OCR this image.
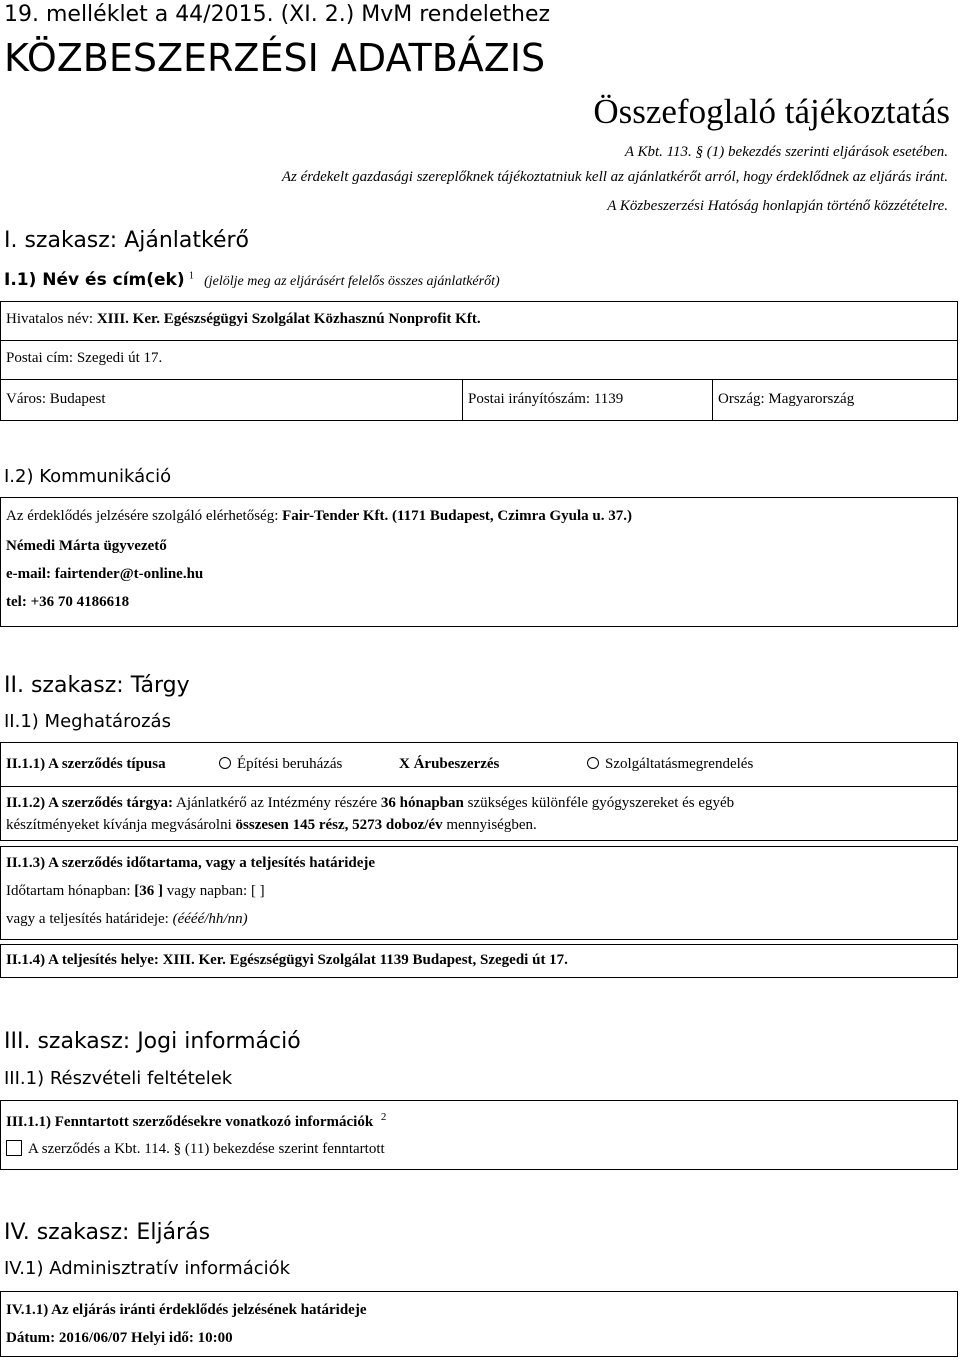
19. melléklet a 44/2015. (XI. 2.) MvM rendelethez
KÖZBESZERZÉSI ADATBÁZIS
Összefoglaló tájékoztatás
A Kbt. 113. § (1) bekezdés szerinti eljárások esetében.
Az érdekelt gazdasági szereplőknek tájékoztatniuk kell az ajánlatkérőt arról, hogy érdeklődnek az eljárás iránt.
A Közbeszerzési Hatóság honlapján történő közzétételre.
I. szakasz: Ajánlatkérő
I.1) Név és cím(ek) $^1$ (jelölje meg az eljárásért felelős összes ajánlatkérőt)
Hivatalos név: XIII. Ker. Egészségügyi Szolgálat Közhasznú Nonprofit Kft.
Postai cím: Szegedi út 17.
Város: Budapest	Postai irányítószám: 1139	Ország: Magyarország
I.2) Kommunikáció
Az érdeklődés jelzésére szolgáló elérhetőség: Fair-Tender Kft. (1171 Budapest, Czimra Gyula u. 37.)
Némedi Márta ügyvezető
e-mail: fairtender@t-online.hu
tel: +36 70 4186618
II. szakasz: Tárgy
II.1) Meghatározás
II.1.1) A szerződés típusa	Építési beruházás	X Árubeszerzés	Szolgáltatásmegrendelés
II.1.2) A szerződés tárgya: Ajánlatkérő az Intézmény részére 36 hónapban szükséges különféle gyógyszereket és egyéb
készítményeket kívánja megvásárolni összesen 145 rész, 5273 doboz/év mennyiségben.
II.1.3) A szerződés időtartama, vagy a teljesítés határideje
Időtartam hónapban: [36 ] vagy napban: [ ]
vagy a teljesítés határideje: (éééé/hh/nn)
II.1.4) A teljesítés helye: XIII. Ker. Egészségügyi Szolgálat 1139 Budapest, Szegedi út 17.
III. szakasz: Jogi információ
III.1) Részvételi feltételek
III.1.1) Fenntartott szerződésekre vonatkozó információk $^2$
A szerződés a Kbt. 114. § (11) bekezdése szerint fenntartott
IV. szakasz: Eljárás
IV.1) Adminisztratív információk
IV.1.1) Az eljárás iránti érdeklődés jelzésének határideje
Dátum: 2016/06/07 Helyi idő: 10:00
